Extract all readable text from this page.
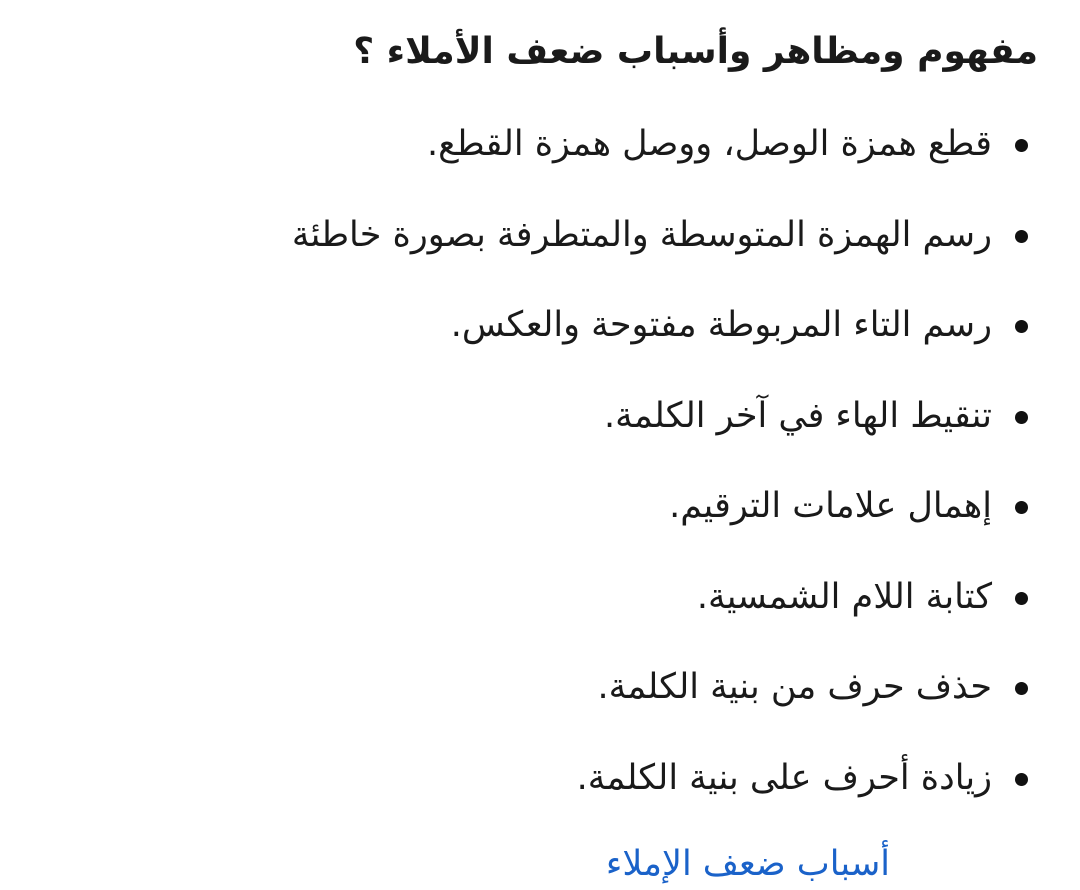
مفهوم ومظاهر وأسباب ضعف الأملاء ؟
قطع همزة الوصل، ووصل همزة القطع.
رسم الهمزة المتوسطة والمتطرفة بصورة خاطئة
رسم التاء المربوطة مفتوحة والعكس.
تنقيط الهاء في آخر الكلمة.
إهمال علامات الترقيم.
كتابة اللام الشمسية.
حذف حرف من بنية الكلمة.
زيادة أحرف على بنية الكلمة.
أسباب ضعف الإملاء
